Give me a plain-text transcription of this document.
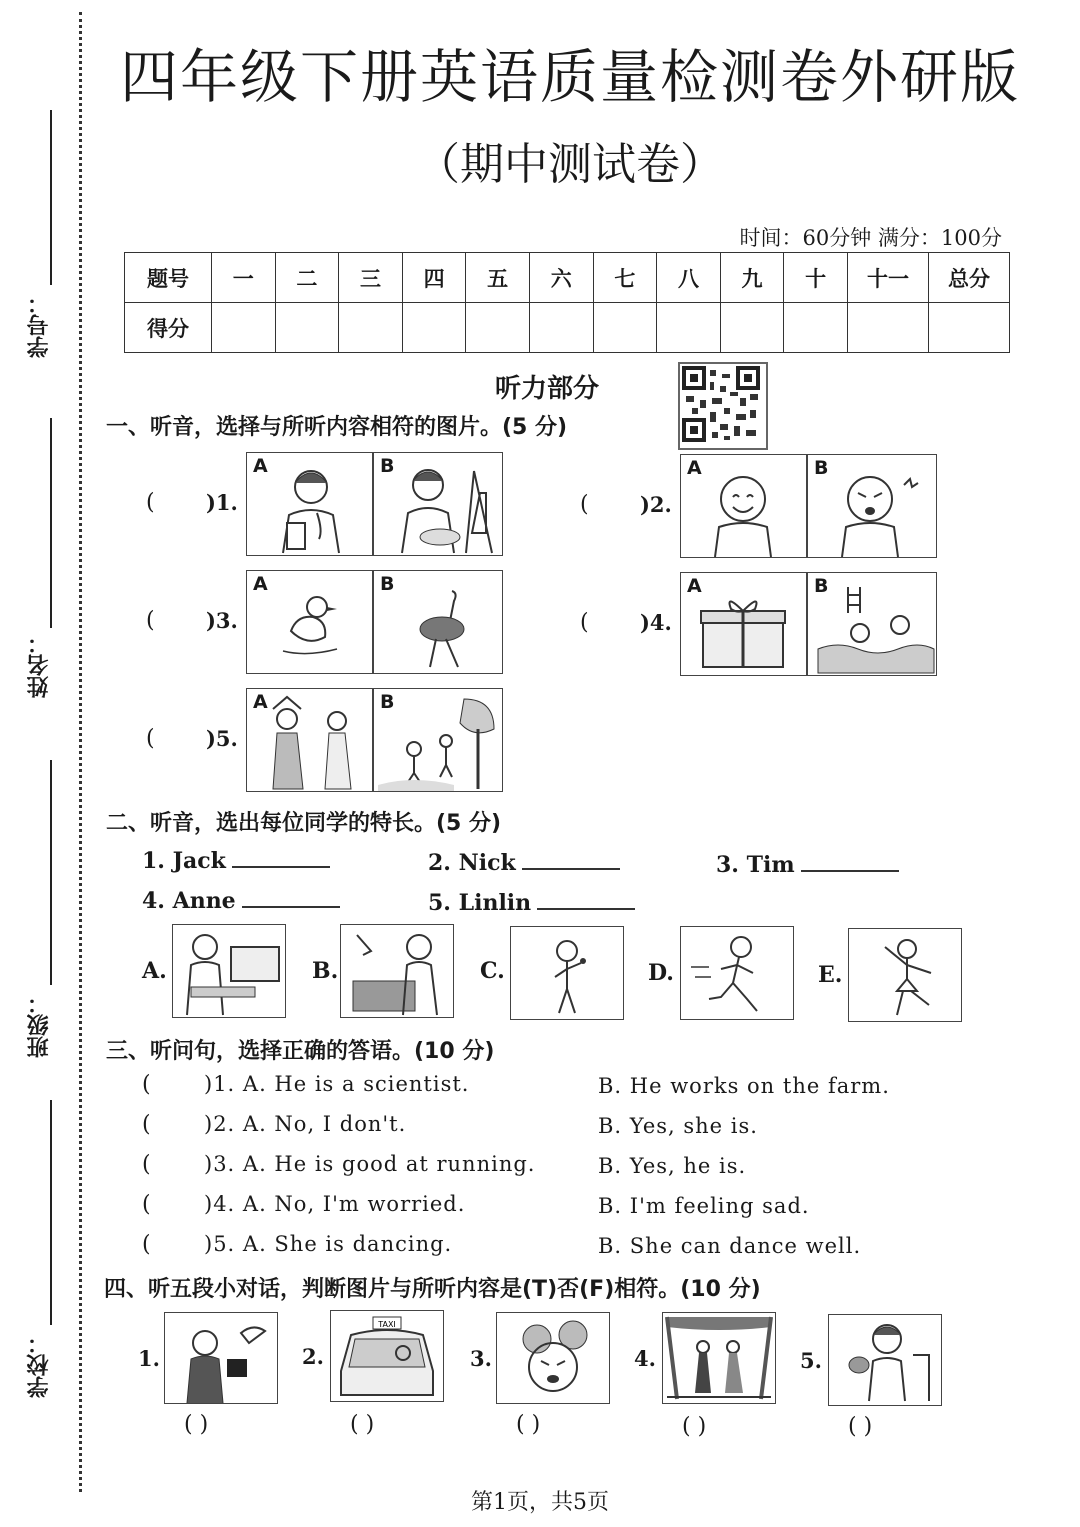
学号：
姓名：
班级：
学校：
四年级下册英语质量检测卷外研版
（期中测试卷）
时间：60分钟 满分：100分
题号	一	二	三	四	五	六	七	八	九	十	十一	总分
得分												
听力部分
一、听音，选择与所听内容相符的图片。(5 分)
( )1.
A	B
( )2.
A	B
( )3.
A	B
( )4.
A	B
( )5.
A	B
二、听音，选出每位同学的特长。(5 分)
1. Jack	2. Nick	3. Tim
4. Anne	5. Linlin
A.	B.	C.	D.	E.
三、听问句，选择正确的答语。(10 分)
(	)1. A. He is a scientist.	B. He works on the farm.
(	)2. A. No, I don't.	B. Yes, she is.
(	)3. A. He is good at running.	B. Yes, he is.
(	)4. A. No, I'm worried.	B. I'm feeling sad.
(	)5. A. She is dancing.	B. She can dance well.
四、听五段小对话，判断图片与所听内容是(T)否(F)相符。(10 分)
1.
( )
2.
TAXI
( )
3.
( )
4.
( )
5.
( )
第1页，共5页
